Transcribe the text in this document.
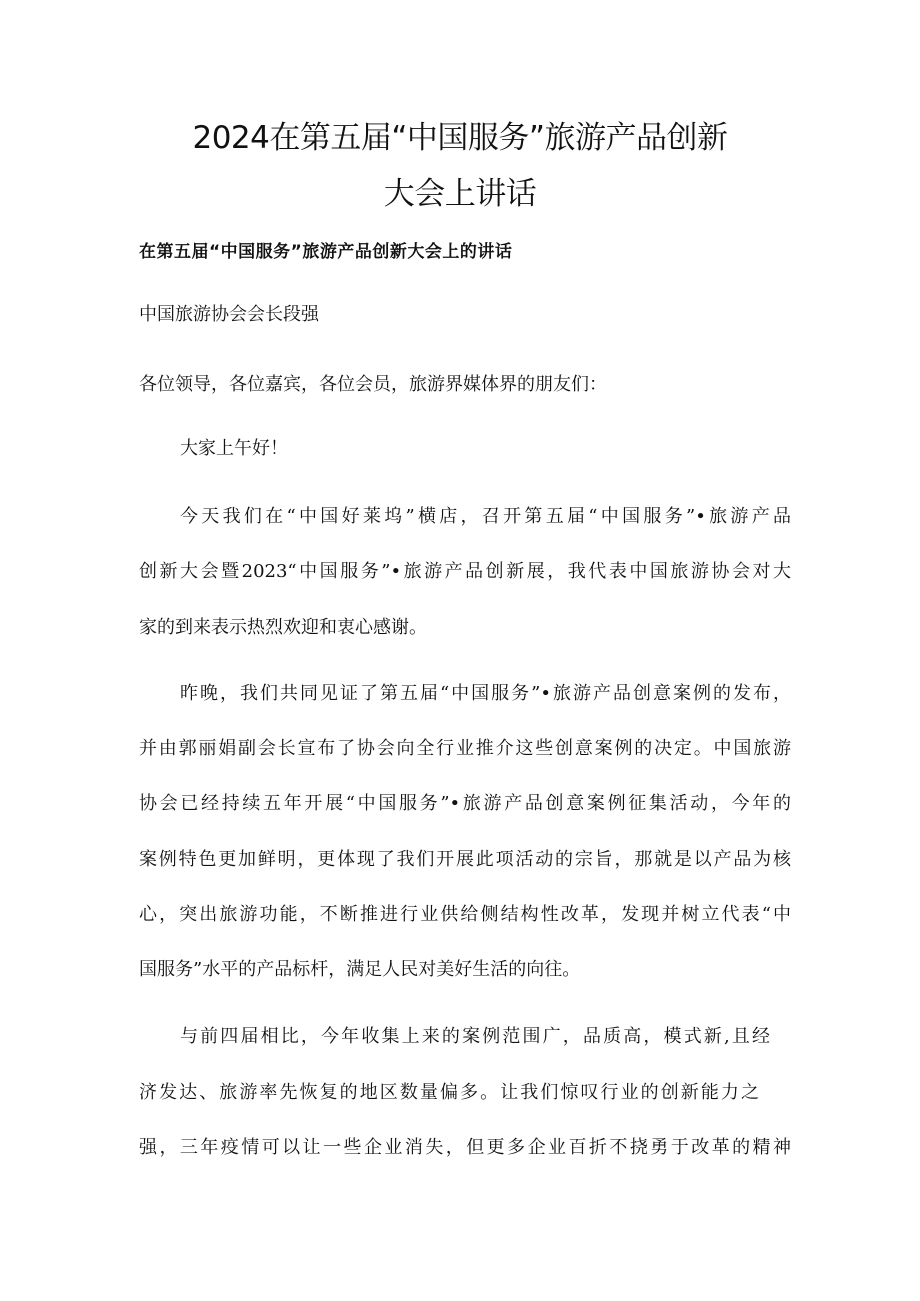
2024在第五届“中国服务”旅游产品创新
大会上讲话

在第五届“中国服务”旅游产品创新大会上的讲话

中国旅游协会会长段强

各位领导，各位嘉宾，各位会员，旅游界媒体界的朋友们：

大家上午好！

今天我们在“中国好莱坞”横店，召开第五届“中国服务”•旅游产品

创新大会暨2023“中国服务”•旅游产品创新展，我代表中国旅游协会对大

家的到来表示热烈欢迎和衷心感谢。

昨晚，我们共同见证了第五届“中国服务”•旅游产品创意案例的发布，

并由郭丽娟副会长宣布了协会向全行业推介这些创意案例的决定。中国旅游

协会已经持续五年开展“中国服务”•旅游产品创意案例征集活动，今年的

案例特色更加鲜明，更体现了我们开展此项活动的宗旨，那就是以产品为核

心，突出旅游功能，不断推进行业供给侧结构性改革，发现并树立代表“中

国服务”水平的产品标杆，满足人民对美好生活的向往。

与前四届相比，今年收集上来的案例范围广，品质高，模式新,且经

济发达、旅游率先恢复的地区数量偏多。让我们惊叹行业的创新能力之

强，三年疫情可以让一些企业消失，但更多企业百折不挠勇于改革的精神
